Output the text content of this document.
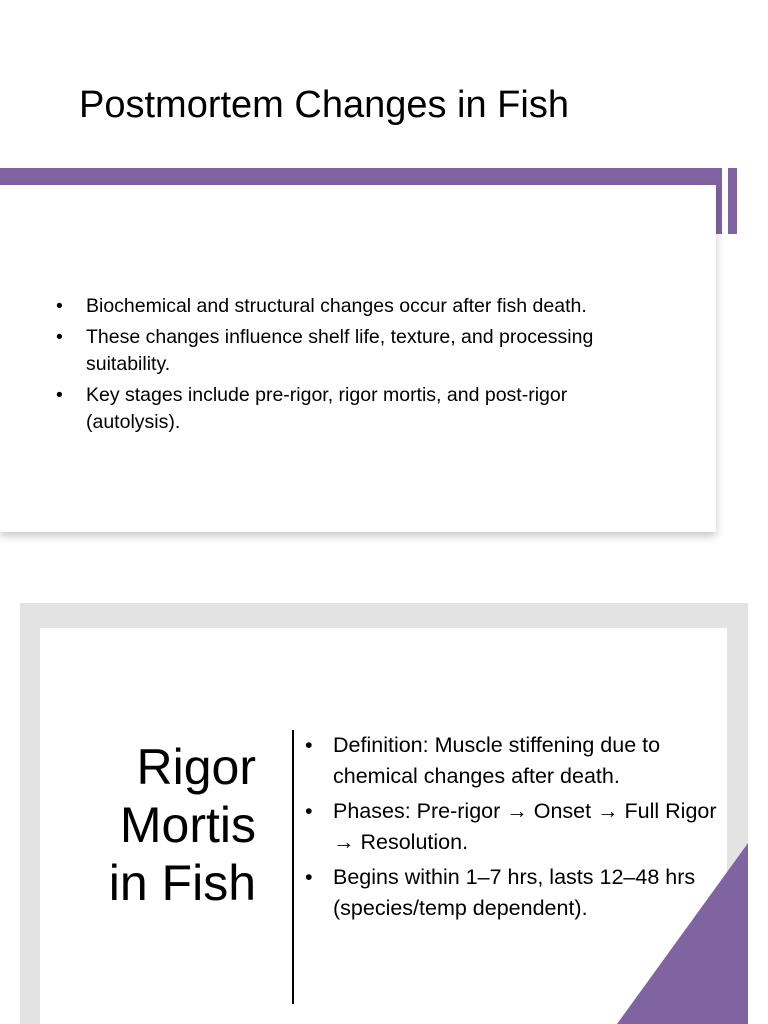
Postmortem Changes in Fish
• Biochemical and structural changes occur after fish death.
• These changes influence shelf life, texture, and processing suitability.
• Key stages include pre-rigor, rigor mortis, and post-rigor (autolysis).
Rigor
Mortis
in Fish
• Definition: Muscle stiffening due to chemical changes after death.
• Phases: Pre-rigor → Onset → Full Rigor → Resolution.
• Begins within 1–7 hrs, lasts 12–48 hrs (species/temp dependent).
